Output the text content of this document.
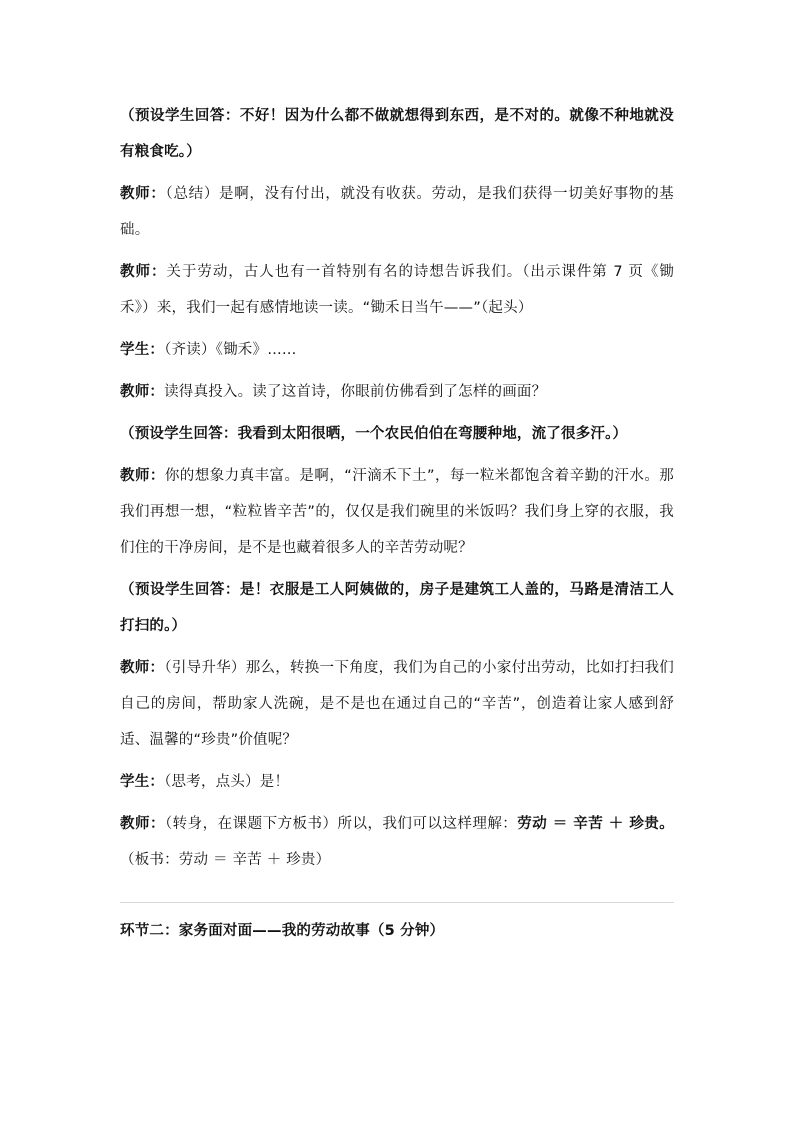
（预设学生回答：不好！因为什么都不做就想得到东西，是不对的。就像不种地就没有粮食吃。）

教师：（总结）是啊，没有付出，就没有收获。劳动，是我们获得一切美好事物的基础。

教师：关于劳动，古人也有一首特别有名的诗想告诉我们。（出示课件第 7 页《锄禾》）来，我们一起有感情地读一读。“锄禾日当午——”（起头）

学生：（齐读）《锄禾》……

教师：读得真投入。读了这首诗，你眼前仿佛看到了怎样的画面？

（预设学生回答：我看到太阳很晒，一个农民伯伯在弯腰种地，流了很多汗。）

教师：你的想象力真丰富。是啊，“汗滴禾下土”，每一粒米都饱含着辛勤的汗水。那我们再想一想，“粒粒皆辛苦”的，仅仅是我们碗里的米饭吗？我们身上穿的衣服，我们住的干净房间，是不是也藏着很多人的辛苦劳动呢？

（预设学生回答：是！衣服是工人阿姨做的，房子是建筑工人盖的，马路是清洁工人打扫的。）

教师：（引导升华）那么，转换一下角度，我们为自己的小家付出劳动，比如打扫我们自己的房间，帮助家人洗碗，是不是也在通过自己的“辛苦”，创造着让家人感到舒适、温馨的“珍贵”价值呢？

学生：（思考，点头）是！

教师：（转身，在课题下方板书）所以，我们可以这样理解：劳动 ＝ 辛苦 ＋ 珍贵。（板书：劳动 ＝ 辛苦 ＋ 珍贵）

环节二：家务面对面——我的劳动故事（5 分钟）
